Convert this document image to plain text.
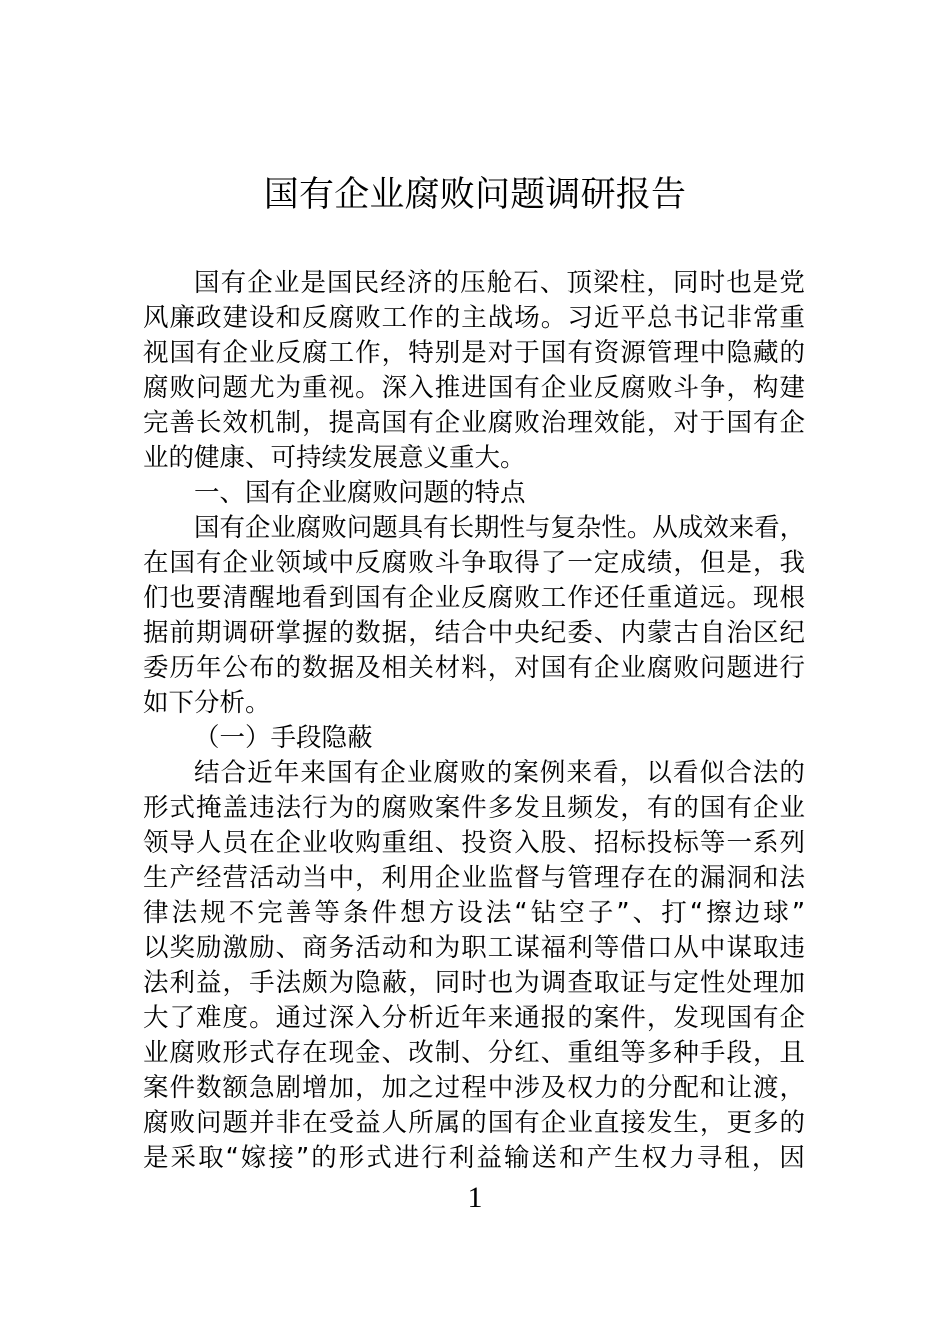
国有企业腐败问题调研报告
国有企业是国民经济的压舱石、顶梁柱，同时也是党
风廉政建设和反腐败工作的主战场。习近平总书记非常重
视国有企业反腐工作，特别是对于国有资源管理中隐藏的
腐败问题尤为重视。深入推进国有企业反腐败斗争，构建
完善长效机制，提高国有企业腐败治理效能，对于国有企
业的健康、可持续发展意义重大。
一、国有企业腐败问题的特点
国有企业腐败问题具有长期性与复杂性。从成效来看，
在国有企业领域中反腐败斗争取得了一定成绩，但是，我
们也要清醒地看到国有企业反腐败工作还任重道远。现根
据前期调研掌握的数据，结合中央纪委、内蒙古自治区纪
委历年公布的数据及相关材料，对国有企业腐败问题进行
如下分析。
（一）手段隐蔽
结合近年来国有企业腐败的案例来看，以看似合法的
形式掩盖违法行为的腐败案件多发且频发，有的国有企业
领导人员在企业收购重组、投资入股、招标投标等一系列
生产经营活动当中，利用企业监督与管理存在的漏洞和法
律法规不完善等条件想方设法“钻空子”、打“擦边球”
以奖励激励、商务活动和为职工谋福利等借口从中谋取违
法利益，手法颇为隐蔽，同时也为调查取证与定性处理加
大了难度。通过深入分析近年来通报的案件，发现国有企
业腐败形式存在现金、改制、分红、重组等多种手段，且
案件数额急剧增加，加之过程中涉及权力的分配和让渡，
腐败问题并非在受益人所属的国有企业直接发生，更多的
是采取“嫁接”的形式进行利益输送和产生权力寻租，因
1
